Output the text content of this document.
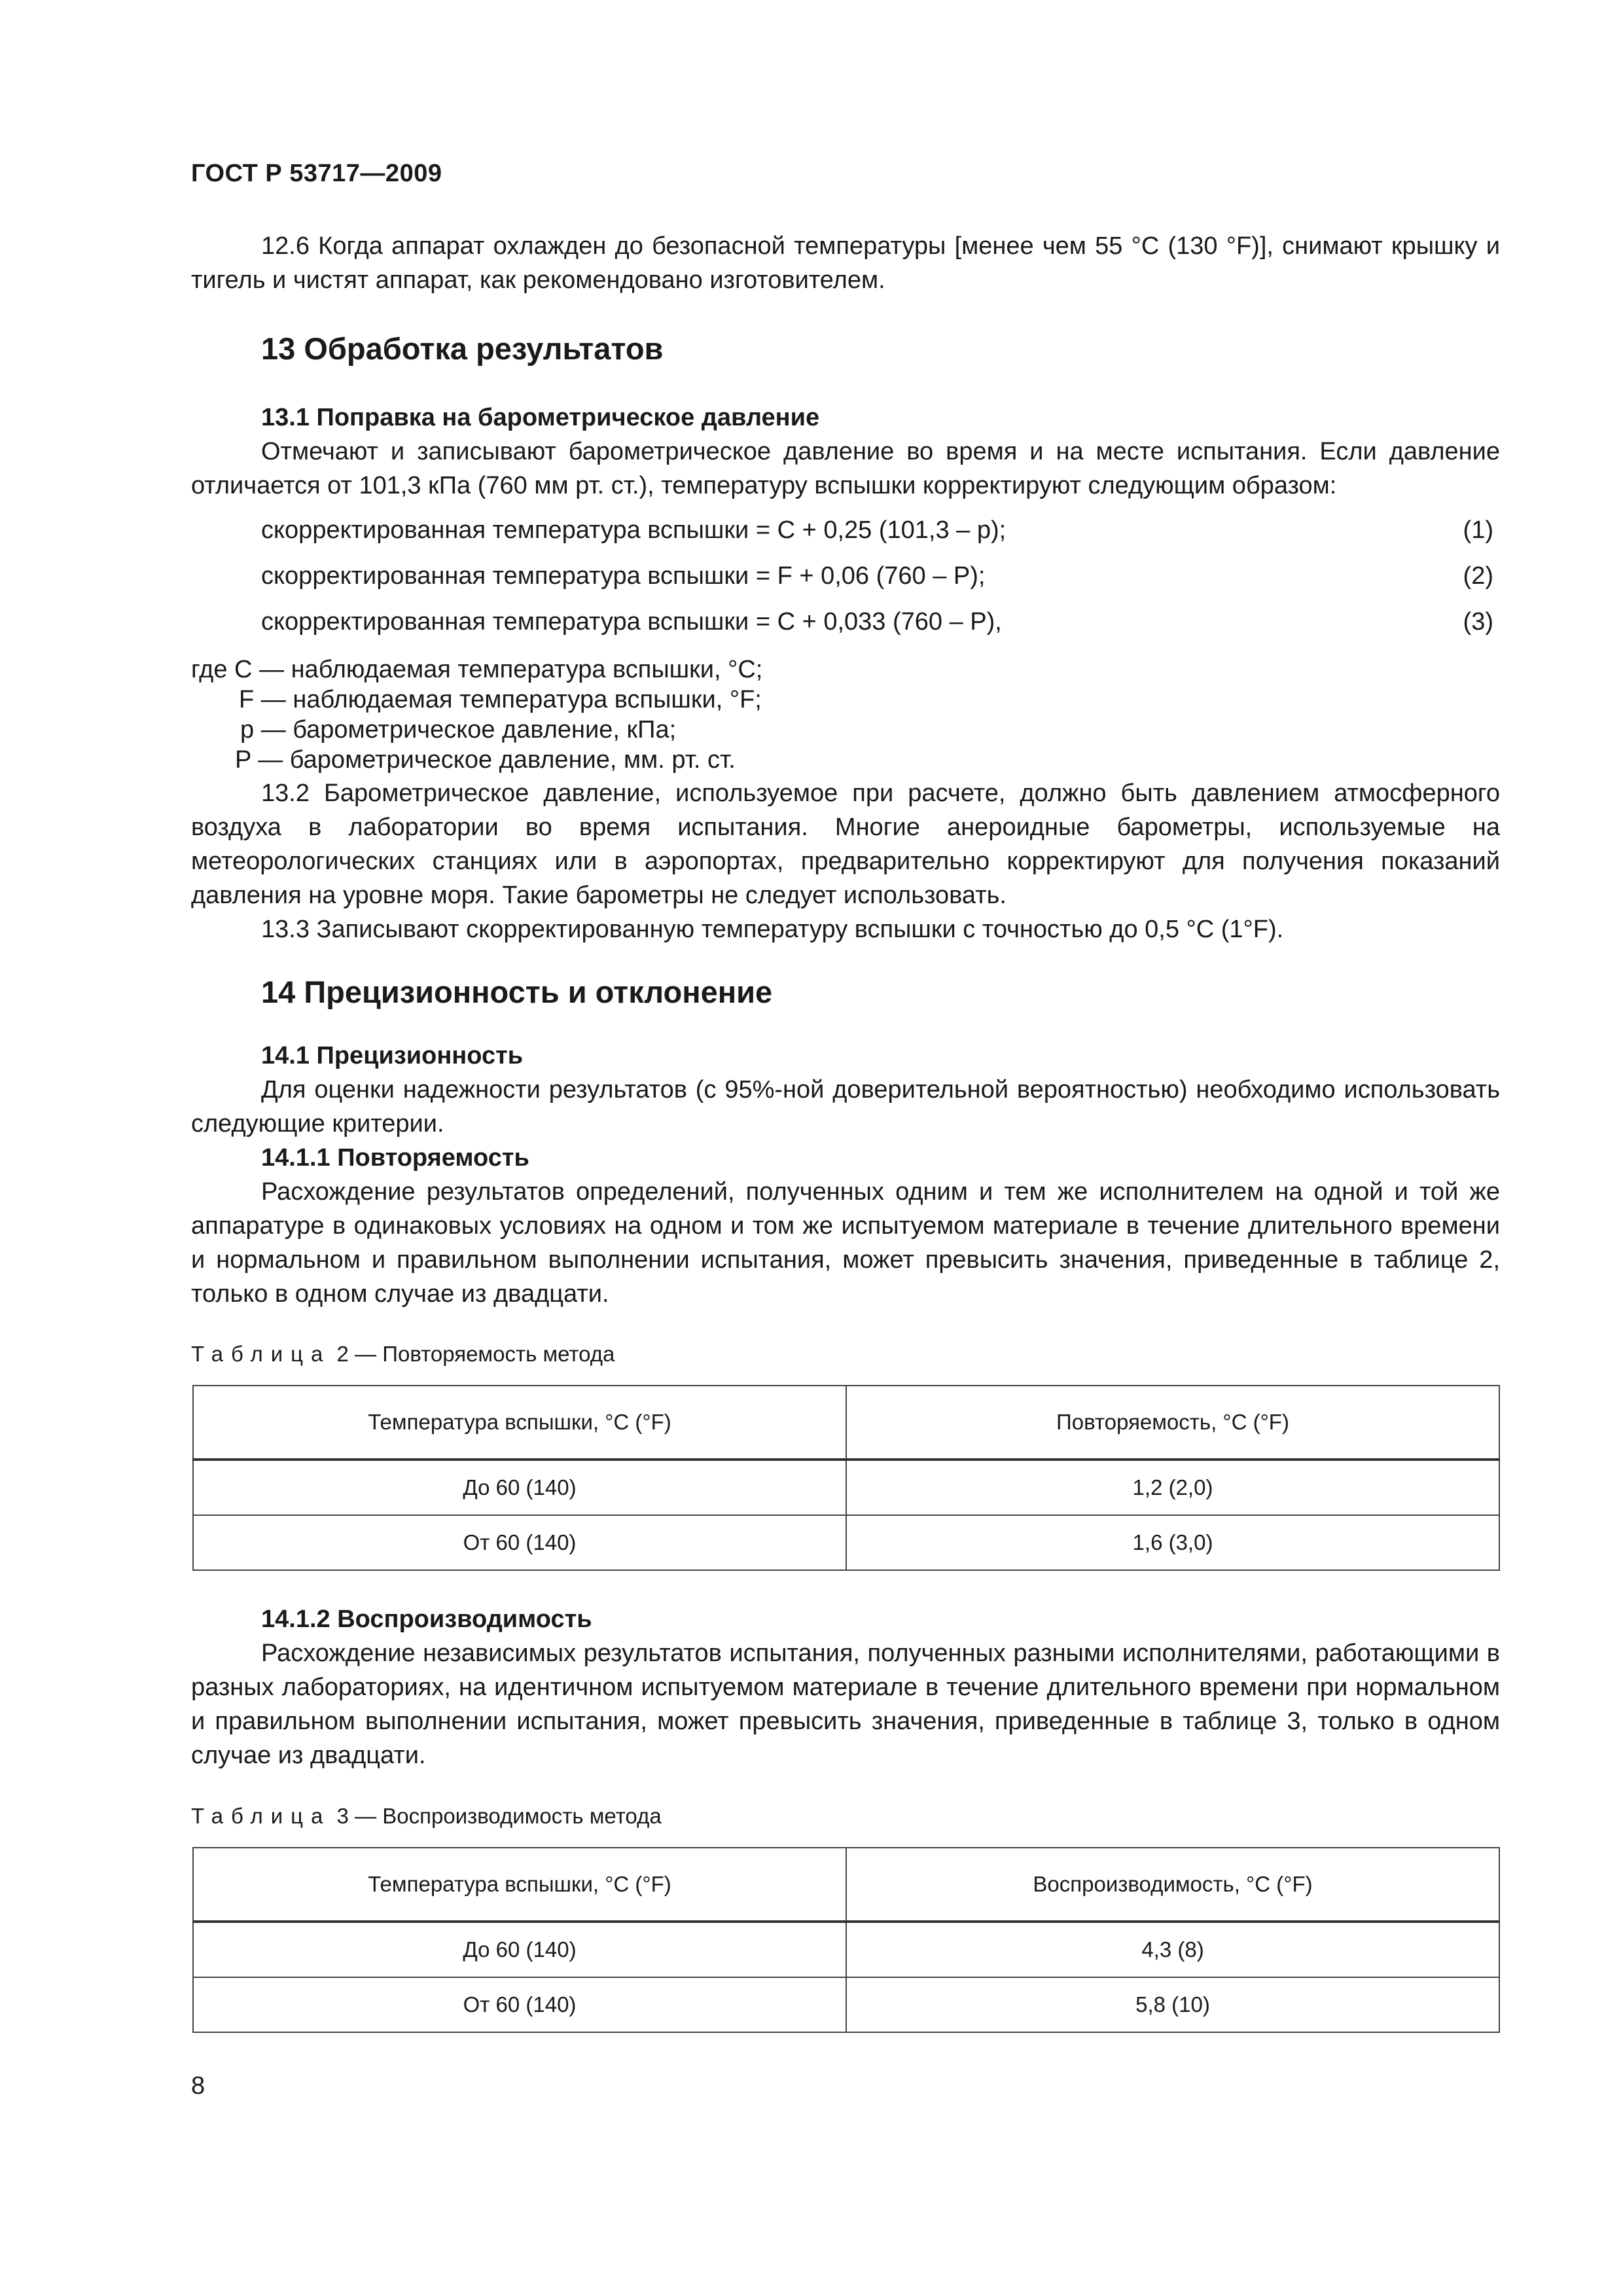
ГОСТ Р 53717—2009

12.6 Когда аппарат охлажден до безопасной температуры [менее чем 55 °С (130 °F)], снимают крышку и тигель и чистят аппарат, как рекомендовано изготовителем.

13 Обработка результатов

13.1 Поправка на барометрическое давление

Отмечают и записывают барометрическое давление во время и на месте испытания. Если давление отличается от 101,3 кПа (760 мм рт. ст.), температуру вспышки корректируют следующим образом:

скорректированная температура вспышки = C + 0,25 (101,3 – p);	(1)
скорректированная температура вспышки = F + 0,06 (760 – P);	(2)
скорректированная температура вспышки = C + 0,033 (760 – P),	(3)
где C — наблюдаемая температура вспышки, °С;
F — наблюдаемая температура вспышки, °F;
p — барометрическое давление, кПа;
P — барометрическое давление, мм. рт. ст.

13.2 Барометрическое давление, используемое при расчете, должно быть давлением атмосферного воздуха в лаборатории во время испытания. Многие анероидные барометры, используемые на метеорологических станциях или в аэропортах, предварительно корректируют для получения показаний давления на уровне моря. Такие барометры не следует использовать.

13.3 Записывают скорректированную температуру вспышки с точностью до 0,5 °С (1°F).

14 Прецизионность и отклонение

14.1 Прецизионность

Для оценки надежности результатов (с 95%-ной доверительной вероятностью) необходимо использовать следующие критерии.

14.1.1 Повторяемость

Расхождение результатов определений, полученных одним и тем же исполнителем на одной и той же аппаратуре в одинаковых условиях на одном и том же испытуемом материале в течение длительного времени и нормальном и правильном выполнении испытания, может превысить значения, приведенные в таблице 2, только в одном случае из двадцати.

Таблица 2 — Повторяемость метода
Температура вспышки, °С (°F)	Повторяемость, °С (°F)
До 60 (140)	1,2 (2,0)
От 60 (140)	1,6 (3,0)

14.1.2 Воспроизводимость

Расхождение независимых результатов испытания, полученных разными исполнителями, работающими в разных лабораториях, на идентичном испытуемом материале в течение длительного времени при нормальном и правильном выполнении испытания, может превысить значения, приведенные в таблице 3, только в одном случае из двадцати.

Таблица 3 — Воспроизводимость метода
Температура вспышки, °С (°F)	Воспроизводимость, °С (°F)
До 60 (140)	4,3 (8)
От 60 (140)	5,8 (10)
8
